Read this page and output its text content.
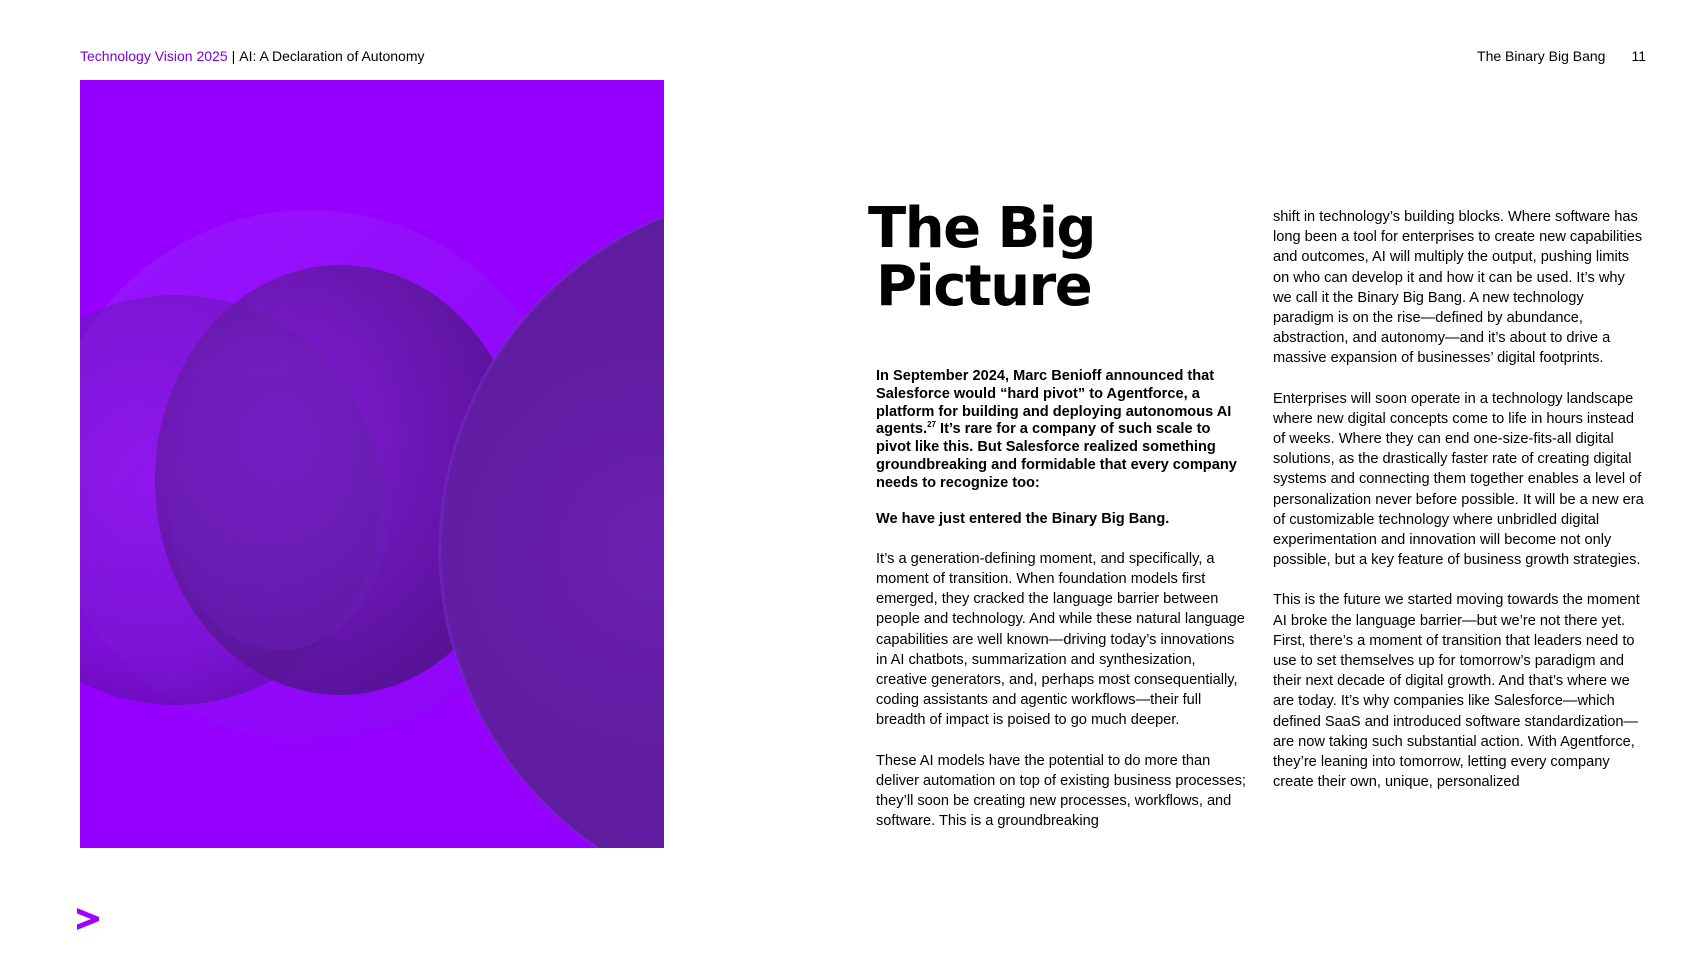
Technology Vision 2025 | AI: A Declaration of Autonomy	The Binary Big Bang 11
The Big
Picture

In September 2024, Marc Benioff announced that Salesforce would “hard pivot” to Agentforce, a platform for building and deploying autonomous AI agents.$^{27}$ It’s rare for a company of such scale to pivot like this. But Salesforce realized something groundbreaking and formidable that every company needs to recognize too:

We have just entered the Binary Big Bang.

It’s a generation-defining moment, and specifically, a moment of transition. When foundation models first emerged, they cracked the language barrier between people and technology. And while these natural language capabilities are well known—driving today’s innovations in AI chatbots, summarization and synthesization, creative generators, and, perhaps most consequentially, coding assistants and agentic workflows—their full breadth of impact is poised to go much deeper.

These AI models have the potential to do more than deliver automation on top of existing business processes; they’ll soon be creating new processes, workflows, and software. This is a groundbreaking

shift in technology’s building blocks. Where software has long been a tool for enterprises to create new capabilities and outcomes, AI will multiply the output, pushing limits on who can develop it and how it can be used. It’s why we call it the Binary Big Bang. A new technology paradigm is on the rise—defined by abundance, abstraction, and autonomy—and it’s about to drive a massive expansion of businesses’ digital footprints.

Enterprises will soon operate in a technology landscape where new digital concepts come to life in hours instead of weeks. Where they can end one-size-fits-all digital solutions, as the drastically faster rate of creating digital systems and connecting them together enables a level of personalization never before possible. It will be a new era of customizable technology where unbridled digital experimentation and innovation will become not only possible, but a key feature of business growth strategies.

This is the future we started moving towards the moment AI broke the language barrier—but we’re not there yet. First, there’s a moment of transition that leaders need to use to set themselves up for tomorrow’s paradigm and their next decade of digital growth. And that’s where we are today. It’s why companies like Salesforce—which defined SaaS and introduced software standardization—are now taking such substantial action. With Agentforce, they’re leaning into tomorrow, letting every company create their own, unique, personalized
